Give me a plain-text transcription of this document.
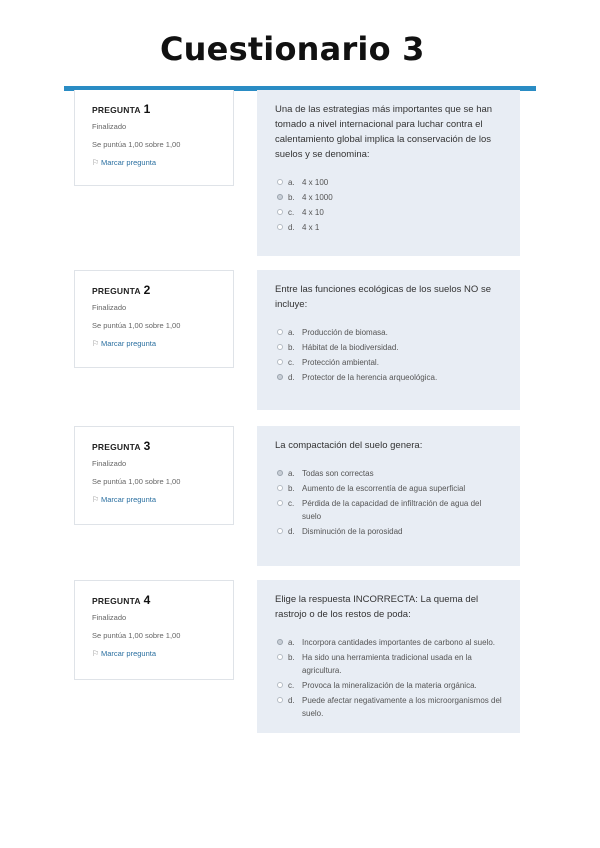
Cuestionario 3
PREGUNTA 1
Finalizado
Se puntúa 1,00 sobre 1,00
⚐ Marcar pregunta
Una de las estrategias más importantes que se han tomado a nivel internacional para luchar contra el calentamiento global implica la conservación de los suelos y se denomina:
a. 4 x 100
b. 4 x 1000
c. 4 x 10
d. 4 x 1
PREGUNTA 2
Finalizado
Se puntúa 1,00 sobre 1,00
⚐ Marcar pregunta
Entre las funciones ecológicas de los suelos NO se incluye:
a. Producción de biomasa.
b. Hábitat de la biodiversidad.
c. Protección ambiental.
d. Protector de la herencia arqueológica.
PREGUNTA 3
Finalizado
Se puntúa 1,00 sobre 1,00
⚐ Marcar pregunta
La compactación del suelo genera:
a. Todas son correctas
b. Aumento de la escorrentía de agua superficial
c. Pérdida de la capacidad de infiltración de agua del suelo
d. Disminución de la porosidad
PREGUNTA 4
Finalizado
Se puntúa 1,00 sobre 1,00
⚐ Marcar pregunta
Elige la respuesta INCORRECTA: La quema del rastrojo o de los restos de poda:
a. Incorpora cantidades importantes de carbono al suelo.
b. Ha sido una herramienta tradicional usada en la agricultura.
c. Provoca la mineralización de la materia orgánica.
d. Puede afectar negativamente a los microorganismos del suelo.
